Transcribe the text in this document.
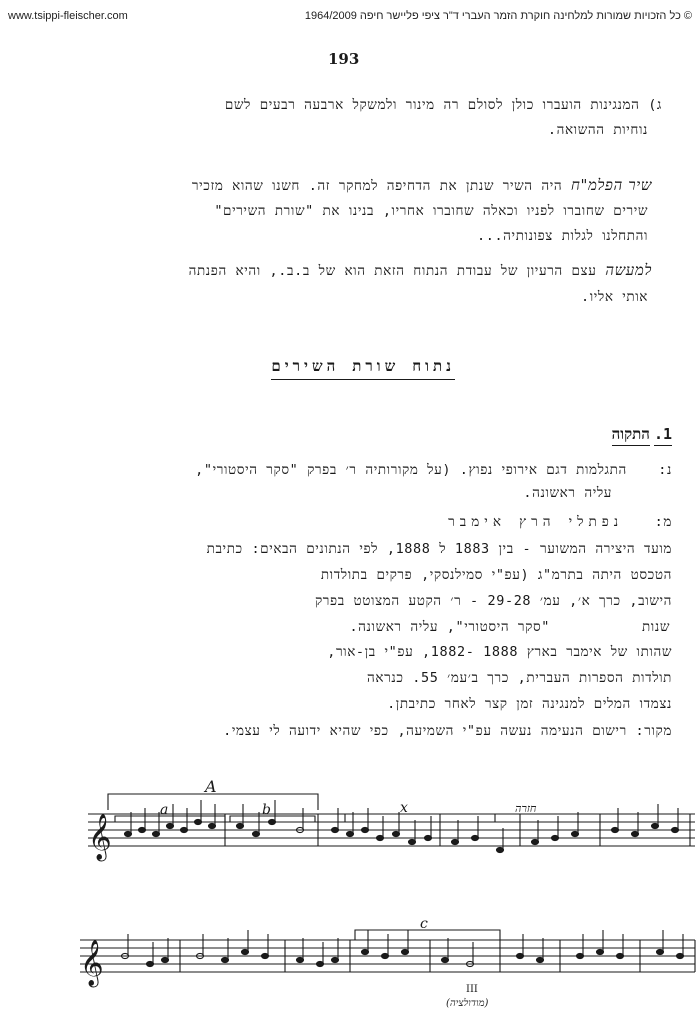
www.tsippi-fleischer.com	© כל הזכויות שמורות למלחינה חוקרת הזמר העברי ד"ר ציפי פליישר חיפה 1964/2009
193
ג) המנגינות הועברו כולן לסולם רה מינור ולמשקל ארבעה רבעים לשם
נוחיות ההשואה.
שיר הפלמ"ח היה השיר שנתן את הדחיפה למחקר זה. חשנו שהוא מזכיר
שירים שחוברו לפניו וכאלה שחוברו אחריו, בנינו את "שורת השירים"
והתחלנו לגלות צפונותיה...
למעשה עצם הרעיון של עבודת הנתוח הזאת הוא של ב.ב., והיא הפנתה
אותי אליו.
נתוח שורת השירים
1.
התקוה
נ:  התגלמות דגם אירופי נפוץ. (על מקורותיה ר׳ בפרק "סקר היסטורי",
עליה ראשונה.
מ:  נפתלי הרץ אימבר
מועד היצירה המשוער - בין 1883 ל 1888, לפי הנתונים הבאים: כתיבת
הטכסט היתה בתרמ"ג (עפ"י סמילנסקי, פרקים בתולדות
הישוב, כרך א׳, עמ׳ 29-28 - ר׳ הקטע המצוטט בפרק
שנות
"סקר היסטורי", עליה ראשונה.
שהותו של אימבר בארץ 1888 -1882, עפ"י בן-אור,
תולדות הספרות העברית, כרך ב׳עמ׳ 55. כנראה
נצמדו המלים למנגינה זמן קצר לאחר כתיבתן.
מקור: רישום הנעימה נעשה עפ"י השמיעה, כפי שהיא ידועה לי עצמי.
𝄞
𝄞
A
a	b	x
c
חזרה
III
(מודולציה)
